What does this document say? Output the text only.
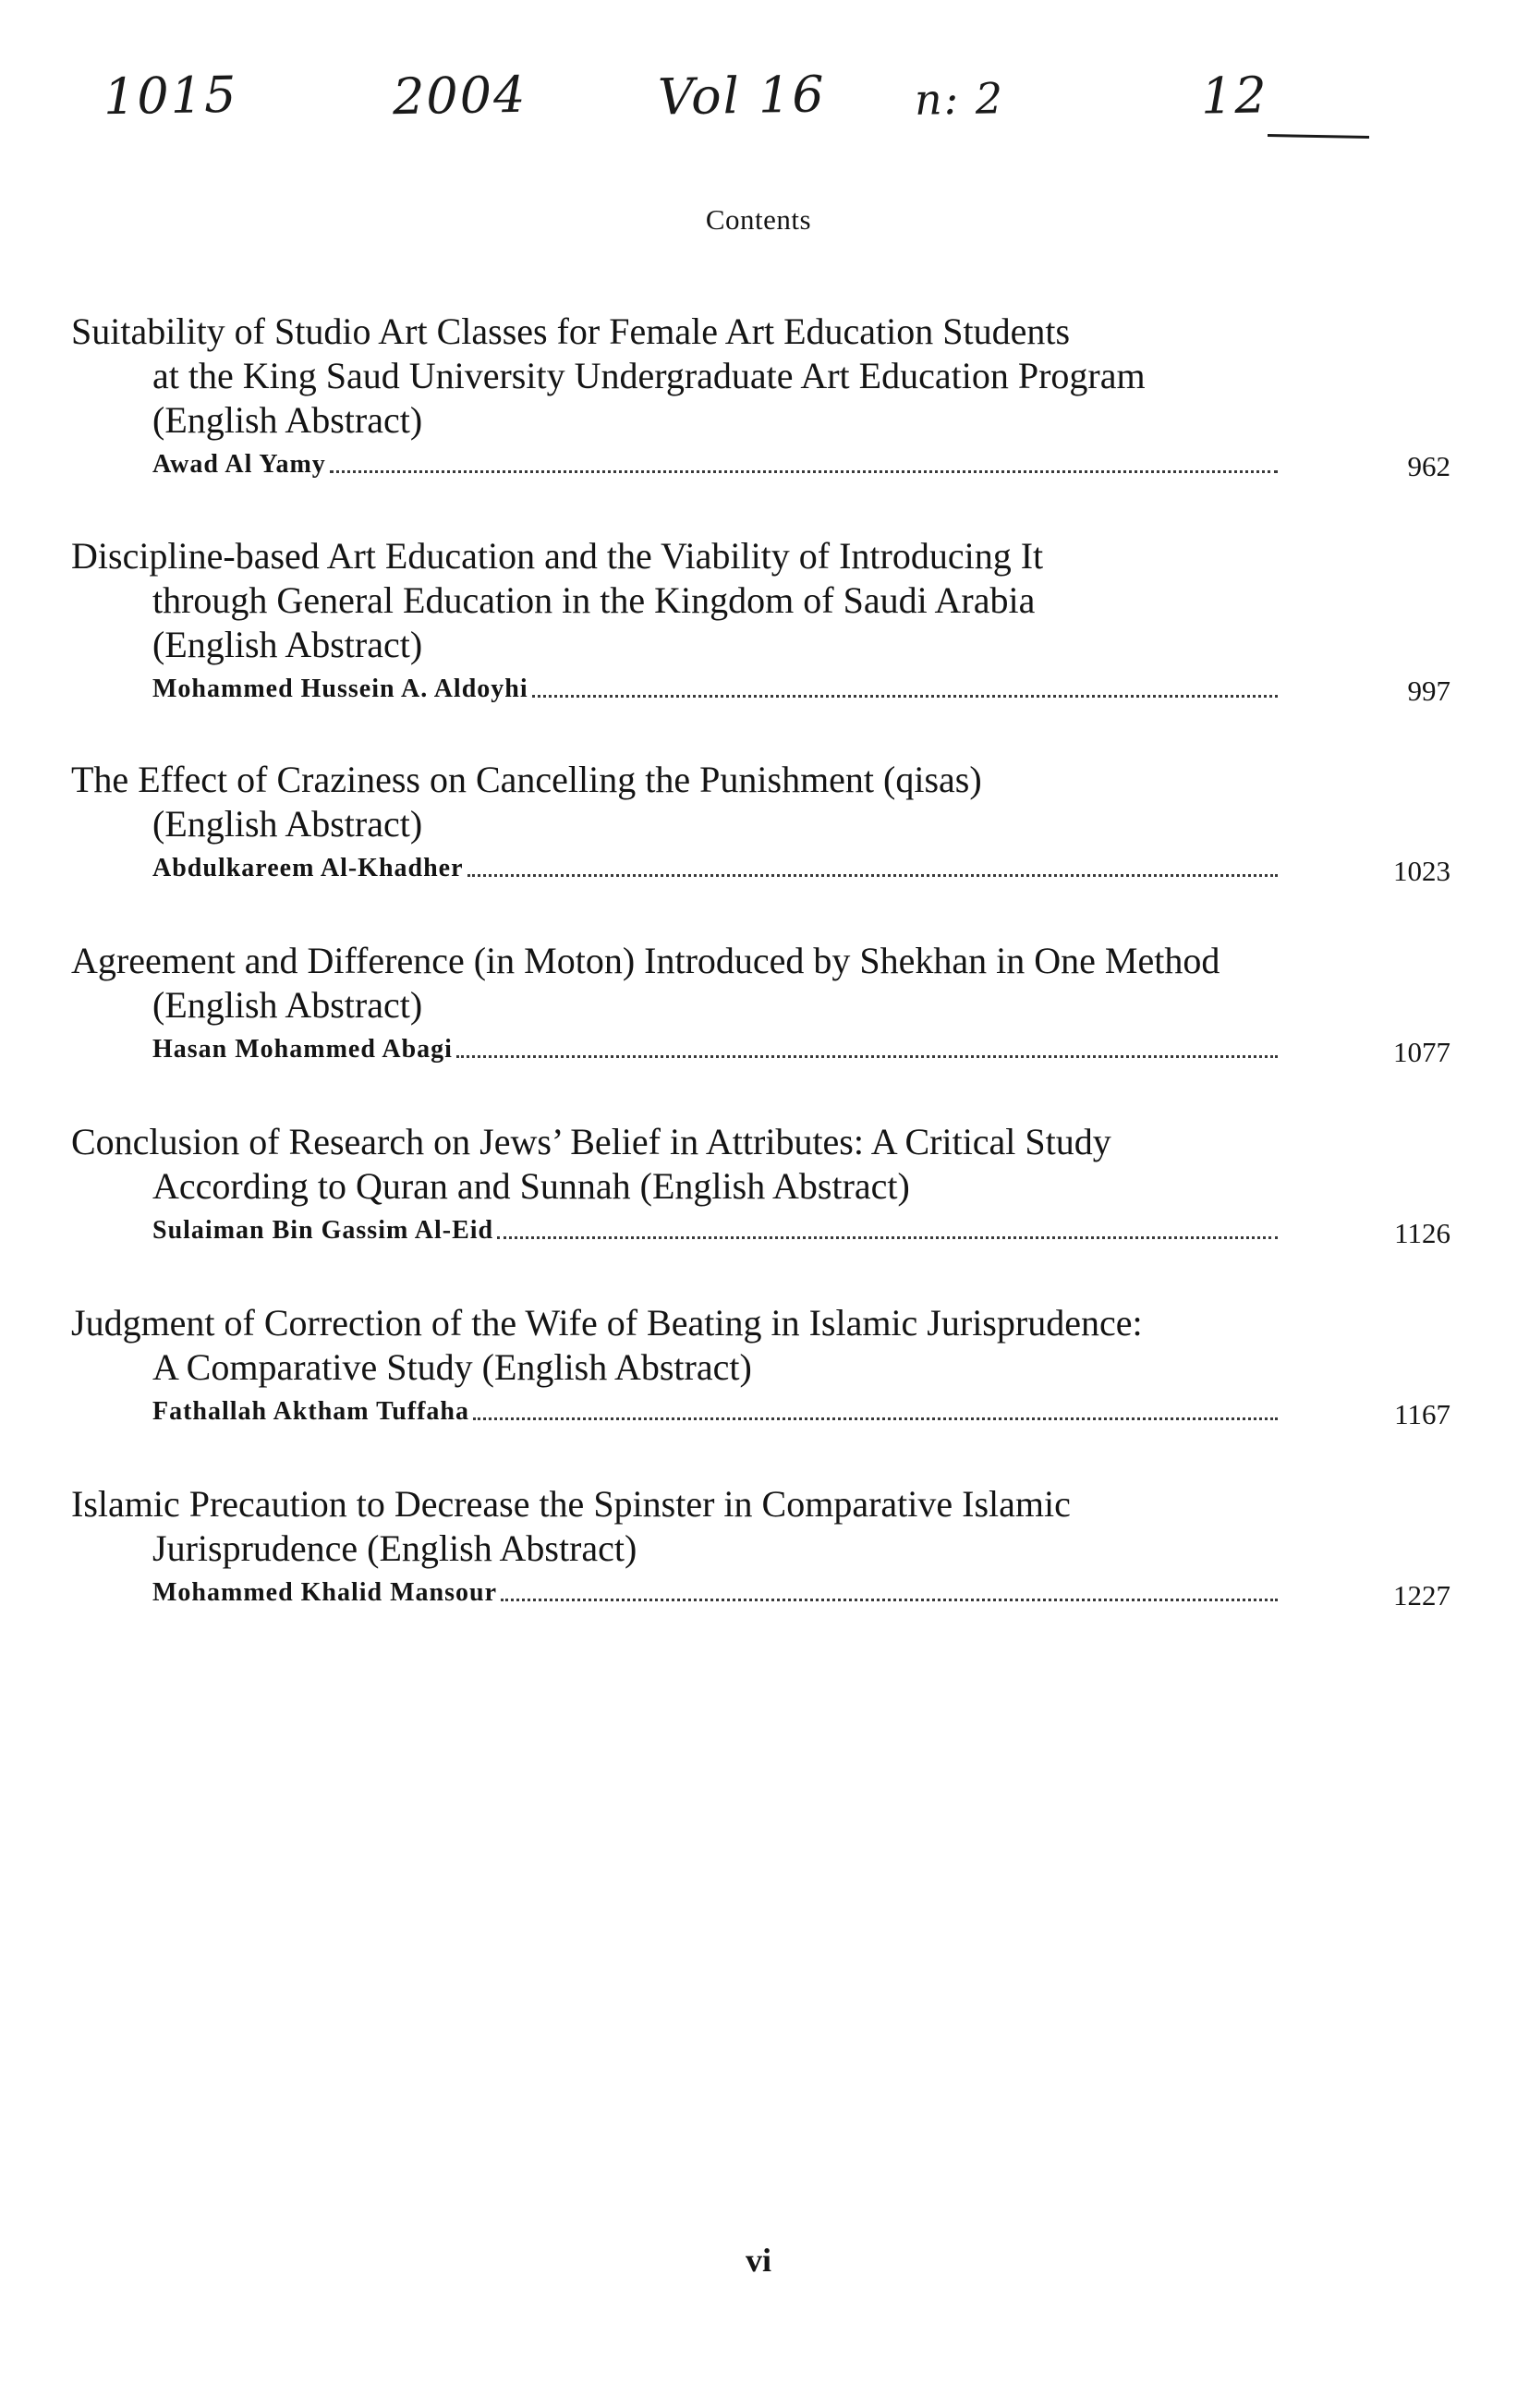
1015	2004	Vol 16 n: 2	12
Contents
Suitability of Studio Art Classes for Female Art Education Students
at the King Saud University Undergraduate Art Education Program
(English Abstract)
Awad Al Yamy	962
Discipline-based Art Education and the Viability of Introducing It
through General Education in the Kingdom of Saudi Arabia
(English Abstract)
Mohammed Hussein A. Aldoyhi	997
The Effect of Craziness on Cancelling the Punishment (qisas)
(English Abstract)
Abdulkareem Al-Khadher	1023
Agreement and Difference (in Moton) Introduced by Shekhan in One Method
(English Abstract)
Hasan Mohammed Abagi	1077
Conclusion of Research on Jews’ Belief in Attributes: A Critical Study
According to Quran and Sunnah (English Abstract)
Sulaiman Bin Gassim Al-Eid	1126
Judgment of Correction of the Wife of Beating in Islamic Jurisprudence:
A Comparative Study (English Abstract)
Fathallah Aktham Tuffaha	1167
Islamic Precaution to Decrease the Spinster in Comparative Islamic
Jurisprudence (English Abstract)
Mohammed Khalid Mansour	1227
vi
